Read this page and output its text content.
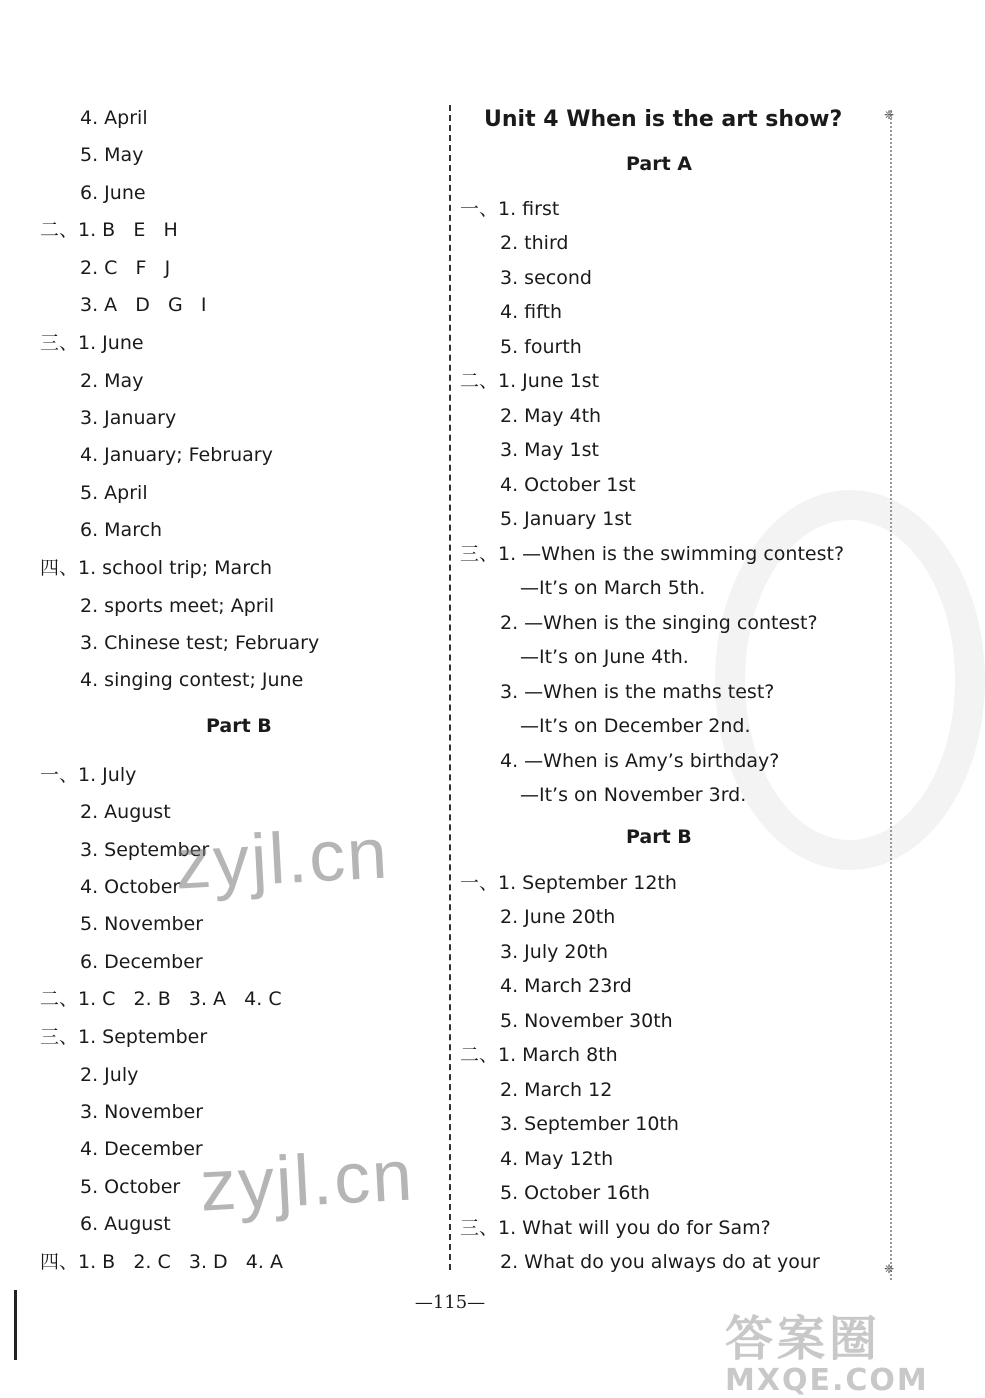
4. April
5. May
6. June
二、1. B   E   H
2. C   F   J
3. A   D   G   I
三、1. June
2. May
3. January
4. January; February
5. April
6. March
四、1. school trip; March
2. sports meet; April
3. Chinese test; February
4. singing contest; June
一、1. July
2. August
3. September
4. October
5. November
6. December
二、1. C   2. B   3. A   4. C
三、1. September
2. July
3. November
4. December
5. October
6. August
四、1. B   2. C   3. D   4. A
Part B
Unit 4 When is the art show?
Part A
Part B
一、1. first
2. third
3. second
4. fifth
5. fourth
二、1. June 1st
2. May 4th
3. May 1st
4. October 1st
5. January 1st
三、1. —When is the swimming contest?
—It’s on March 5th.
2. —When is the singing contest?
—It’s on June 4th.
3. —When is the maths test?
—It’s on December 2nd.
4. —When is Amy’s birthday?
—It’s on November 3rd.
一、1. September 12th
2. June 20th
3. July 20th
4. March 23rd
5. November 30th
二、1. March 8th
2. March 12
3. September 10th
4. May 12th
5. October 16th
三、1. What will you do for Sam?
2. What do you always do at your
❈
❈
zyjl.cn
zyjl.cn
—115—
答案圈
MXQE.COM
